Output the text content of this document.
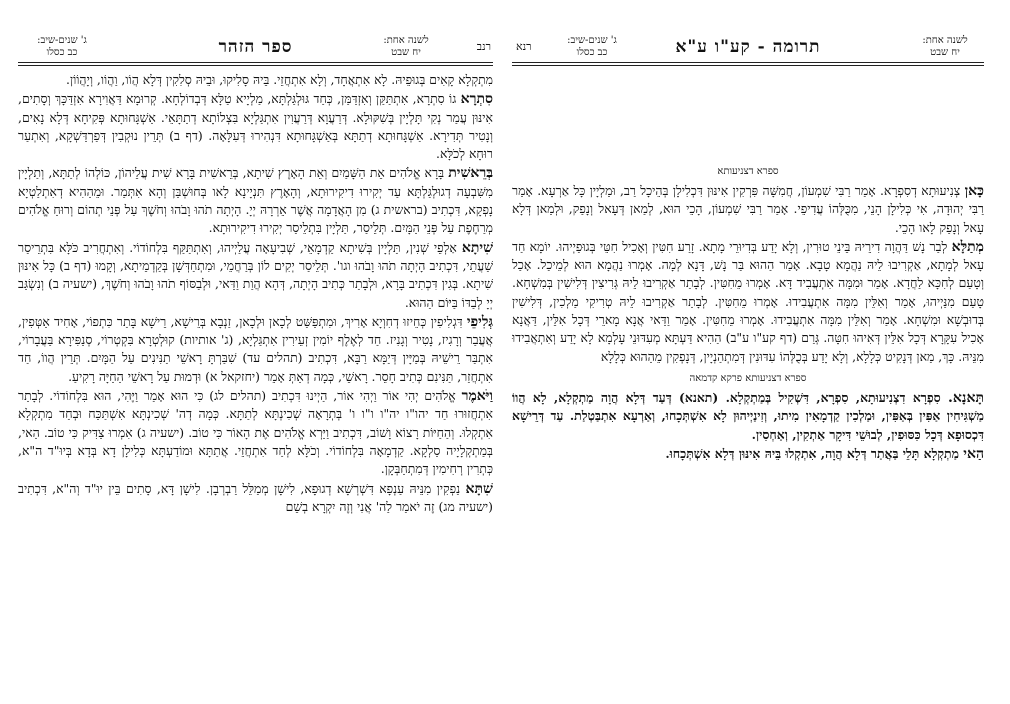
רנב
לשנה אחת:
יח שבט
ספר הזהר
ג' שנים-שיב:
כב כסלו

מִתְקְלָא קָאִים בְּגוּפֵיהּ. לָא אִתְאֲחָד, וְלָא אִתְחֲזֵי. בֵּיהּ סָלִיקוּ, וּבֵיהּ סְלִקִין דְּלָא הֲוֹו, וַהֲוֹו, וְיָהֲוֹוֹן.

סִתְרָא גוֹ סִתְרָא, אִתְתַּקַּן וְאִזְדַּמַּן, כְּחַד גּוּלְגַּלְתָּא, מַלְיָיא טַלָּא דְּבְדוֹלְחָא. קְרוּמָא דַּאֲוִירָא אִזְדַּכָּךְ וְסָתִים, אִינּוּן עֲמַר נְקִי תָּלְיָין בְּשִׁקּוּלָא. דְּרַעֲוָא דְּרַעֲוִין אִתְגַּלְיָא בִּצְלוֹתָא דְתַתָּאֵי. אַשְׁגָּחוּתָא פְּקִיחָא דְּלָא נָאִים, וְנָטִיר תְּדִירָא. אַשְׁגָּחוּתָא דְתַתָּא בְּאַשְׁגָּחוּתָא דִּנְהִירוּ דְּעִלָּאָה. (דף ב) תְּרֵין נוּקְבִין דְּפַרְדַּשְׁקָא, וְאִתְעַר רוּחָא לְכֹלָּא.

בְּרֵאשִׁית בָּרָא אֱלֹהִים אֵת הַשָּׁמַיִם וְאֵת הָאָרֶץ שִׁיתָא, בְּרֵאשִׁית בָּרָא שִׁית עֲלֵיהוֹן, כּוֹלְהוֹ לְתַתָּא, וְתַלְיָין מִשִּׁבְעָה דְגוּלְגַּלְתָּא עַד יְקִירוּ דִיקִירוּתָא, וְהָאָרֶץ תִּנְיָינָא לָאו בְּחוּשְׁבַּן וְהָא אִתְּמַר. וּמֵהַהִיא דְאִתְלַטְיָא נָפְקָא, דִּכְתִיב (בראשית ג) מִן הָאֲדָמָה אֲשֶׁר אֵרְרָהּ יְיָ. הָיְתָה תֹהוּ וָבֹהוּ וְחֹשֶׁךְ עַל פְּנֵי תְהוֹם וְרוּחַ אֱלֹהִים מְרַחֶפֶת עַל פְּנֵי הַמָּיִם. תְּלֵיסַר, תַּלְיָין בִּתְלֵיסַר יְקִירוּ דִיקִירוּתָא.

שִׁיתָא אַלְפֵי שְׁנִין, תַּלְיָין בְּשִׁיתָא קַדְמָאֵי, שְׁבִיעָאָה עֲלַיְיהוּ, וְאִתְתַּקַּף בִּלְחוֹדוֹי. וְאִתְחֲרִיב כֹּלָּא בִּתְרֵיסַר שַׁעֲתֵי, דִּכְתִיב הָיְתָה תֹהוּ וָבֹהוּ וגו'. תְּלֵיסַר יְקִים לוֹן בְּרַחֲמֵי, וּמִתְחַדְּשָׁן בְּקַדְמֵיתָא, וְקָמוּ (דף ב) כָּל אִינּוּן שִׁיתָא. בְּגִין דִּכְתִיב בָּרָא, וּלְבָתַר כְּתִיב הָיְתָה, דְּהָא הֲוַת וַדַּאי, וּלְבַסּוֹף תֹהוּ וָבֹהוּ וְחֹשֶׁךְ, (ישעיה ב) וְנִשְׂגַּב יְיָ לְבַדּוֹ בַּיּוֹם הַהוּא.

גְּלִיפֵי דִּגְלִיפִין כְּחֵיזוּ דְחִוְיָא אָרִיךְ, וּמִתְפַּשַּׁט לְכָאן וּלְכָאן, זַנְבָא בְּרֵישָׁא, רֵישָׁא בָּתַר כִּתְפוֹי, אָחִיד אַטְּפִין, אֲעֲבַר וְרָגִיז, נָטִיר וְגָנִיז. חַד לְאֶלֶף יוֹמִין זְעֵירִין אִתְגַּלְיָא, (ג' אותיות) קוּלְטְרָא בִּקְטְרוֹי, סְנַפִּירָא בַּעֲבָרוֹי, אִתְבַּר רֵישֵׁיהּ בְּמַיָּין דְּיַמָּא רַבָּא, דִּכְתִיב (תהלים עד) שִׁבַּרְתָּ רָאשֵׁי תַנִּינִים עַל הַמָּיִם. תְּרֵין הֲווֹ, חַד אִתְחֲזַר, תַּנִּינִם כְּתִיב חָסֵר. רָאשֵׁי, כְּמָה דְאַתְּ אָמֵר (יחזקאל א) וּדְמוּת עַל רָאשֵׁי הַחַיָּה רָקִיעַ.

וַיֹּאמֶר אֱלֹהִים יְהִי אוֹר וַיְהִי אוֹר, הַיְינוּ דִּכְתִיב (תהלים לג) כִּי הוּא אָמַר וַיֶּהִי, הוּא בִּלְחוֹדוֹי. לְבָתַר אִתְחֲזוּרוּ חַד יהו"ו יה"ו ו"ו ו' בְּתְרָאָה שְׁכִינְתָּא לְתַתָּא. כְּמָה דְה' שְׁכִינְתָּא אִשְׁתַּכַּח וּבְחַד מִתְקְלָא אִתְקְלוּ. וְהַחַיּוֹת רָצוֹא וָשׁוֹב, דִּכְתִיב וַיַּרְא אֱלֹהִים אֶת הָאוֹר כִּי טוֹב. (ישעיה ג) אִמְרוּ צַדִּיק כִּי טוֹב. הַאי, בְּמַתְקְלָיָיה סַלְקָא. קַדְמָאָה בִּלְחוֹדוֹי. וְכֹלָּא לְחַד אִתְחֲזֵי. אֲתַתָּא וּמוֹדַעְתָּא כְּלִילָן דָא בְּדָא בְּיוּ"ד ה"א, כְּתְרִין רְחִימִין דְּמִתְחַבְּקָן.

שִׁתָּא נַפְקִין מִנֵּיהּ עַנְפָא דִּשְׁרְשָׁא דְגוּפָא, לִישָׁן מְמַלֵּל רַבְרְבָן. לִישָׁן דָּא, סָתִים בֵּין יוּ"ד וְה"א, דִּכְתִיב (ישעיה מג) זֶה יֹאמַר לַה' אֲנִי וְזֶה יִקְרָא בְשֵׁם

רנא	ג' שנים-שיב:
כב כסלו	תרומה - קע"ו ע"א	לשנה אחת:
יח שבט
ספרא דצניעותא

כָּאן צְנִיעוּתָא דְסִפְרָא. אָמַר רַבִּי שִׁמְעוֹן, חֲמִשָּׁה פִּרְקִין אִינּוּן דִּכְלִילָן בְּהֵיכָל רַב, וּמַלְיָין כָּל אַרְעָא. אָמַר רַבִּי יְהוּדָה, אִי כְּלִילָן הָנֵי, מִכֻּלְּהוֹ עֲדִיפֵי. אָמַר רַבִּי שִׁמְעוֹן, הָכֵי הוּא, לְמַאן דְּעָאל וְנָפַק, וּלְמַאן דְּלָא עָאל וְנָפַק לָאו הָכֵי.

מְתַלָּא לְבַר נָשׁ דַּהֲוָה דִירֵיהּ בֵּינֵי טוּרִין, וְלָא יָדַע בְּדִיוּרֵי מָתָא. זָרַע חִטִּין וְאָכִיל חִטֵּי בְּגוּפַיְיהוּ. יוֹמָא חַד עָאל לְמָתָא, אַקְרִיבוּ לֵיהּ נַהֲמָא טָבָא. אָמַר הַהוּא בַּר נָשׁ, דָּנָא לְמָה. אָמְרוּ נַהֲמָא הוּא לְמֵיכַל. אָכַל וְטָעַם לְחִכָּא לַחֲדָא. אָמַר וּמִמָּה אִתְעֲבִיד דָּא. אָמְרוּ מֵחִטִּין. לְבָתַר אַקְרִיבוּ לֵיהּ גְּרִיצִין דְּלִישִׁין בְּמִשְׁחָא. טָעַם מִנַּיְיהוּ, אָמַר וְאִלֵּין מִמָּה אִתְעֲבִידוּ. אָמְרוּ מֵחִטִּין. לְבָתַר אַקְרִיבוּ לֵיהּ טְרִיקִי מַלְכִין, דְּלִישִׁין בְּדוּבְשָׁא וּמִשְׁחָא. אָמַר וְאִלֵּין מִמָּה אִתְעֲבִידוּ. אָמְרוּ מֵחִטִּין. אָמַר וַדַּאי אֲנָא מָארֵי דְּכָל אִלֵּין, דַּאֲנָא אָכִיל עִקָּרָא דְּכָל אִלֵּין דְּאִיהוּ חִטָּה. גְּרַם (דף קע"ו ע"ב) הַהִיא דַּעְתָּא מְעִדּוּנֵי עָלְמָא לָא יָדַע וְאִתְאֲבִידוּ מִנֵּיהּ. כָּךְ, מַאן דְּנָקִיט כְּלָלָא, וְלָא יָדַע בְּכֻלְּהוֹ עִדּוּנִין דְּמִתְהַנְיָין, דְּנָפְקִין מֵהַהוּא כְּלָלָא

ספרא דצניעותא פרקא קדמאה

תָּאנָא. סִפְרָא דִצְנִיעוּתָא, סִפְרָא, דִּשְׁקִיל בְּמַתְקְלָא. (תאנא) דְּעַד דְּלָא הֲוָה מַתְקְלָא, לָא הֲווֹ מַשְׁגִּיחִין אַפִּין בְּאַפִּין, וּמַלְכִין קַדְמָאִין מִיתוּ, וְזִינַיְיהוּן לָא אִשְׁתְּכָחוּ, וְאַרְעָא אִתְבַּטְלַת. עַד דְּרֵישָׁא דִּכְסוּפָא דְּכָל כִּסּוּפִין, לְבוּשֵׁי דִּיקָר אַתְקִין, וְאַחְסִין.

הַאי מַתְקְלָא תָּלֵי בַּאֲתַר דְּלָא הֲוָה, אִתְקְלוּ בֵּיהּ אִינּוּן דְּלָא אִשְׁתְּכָחוּ.
